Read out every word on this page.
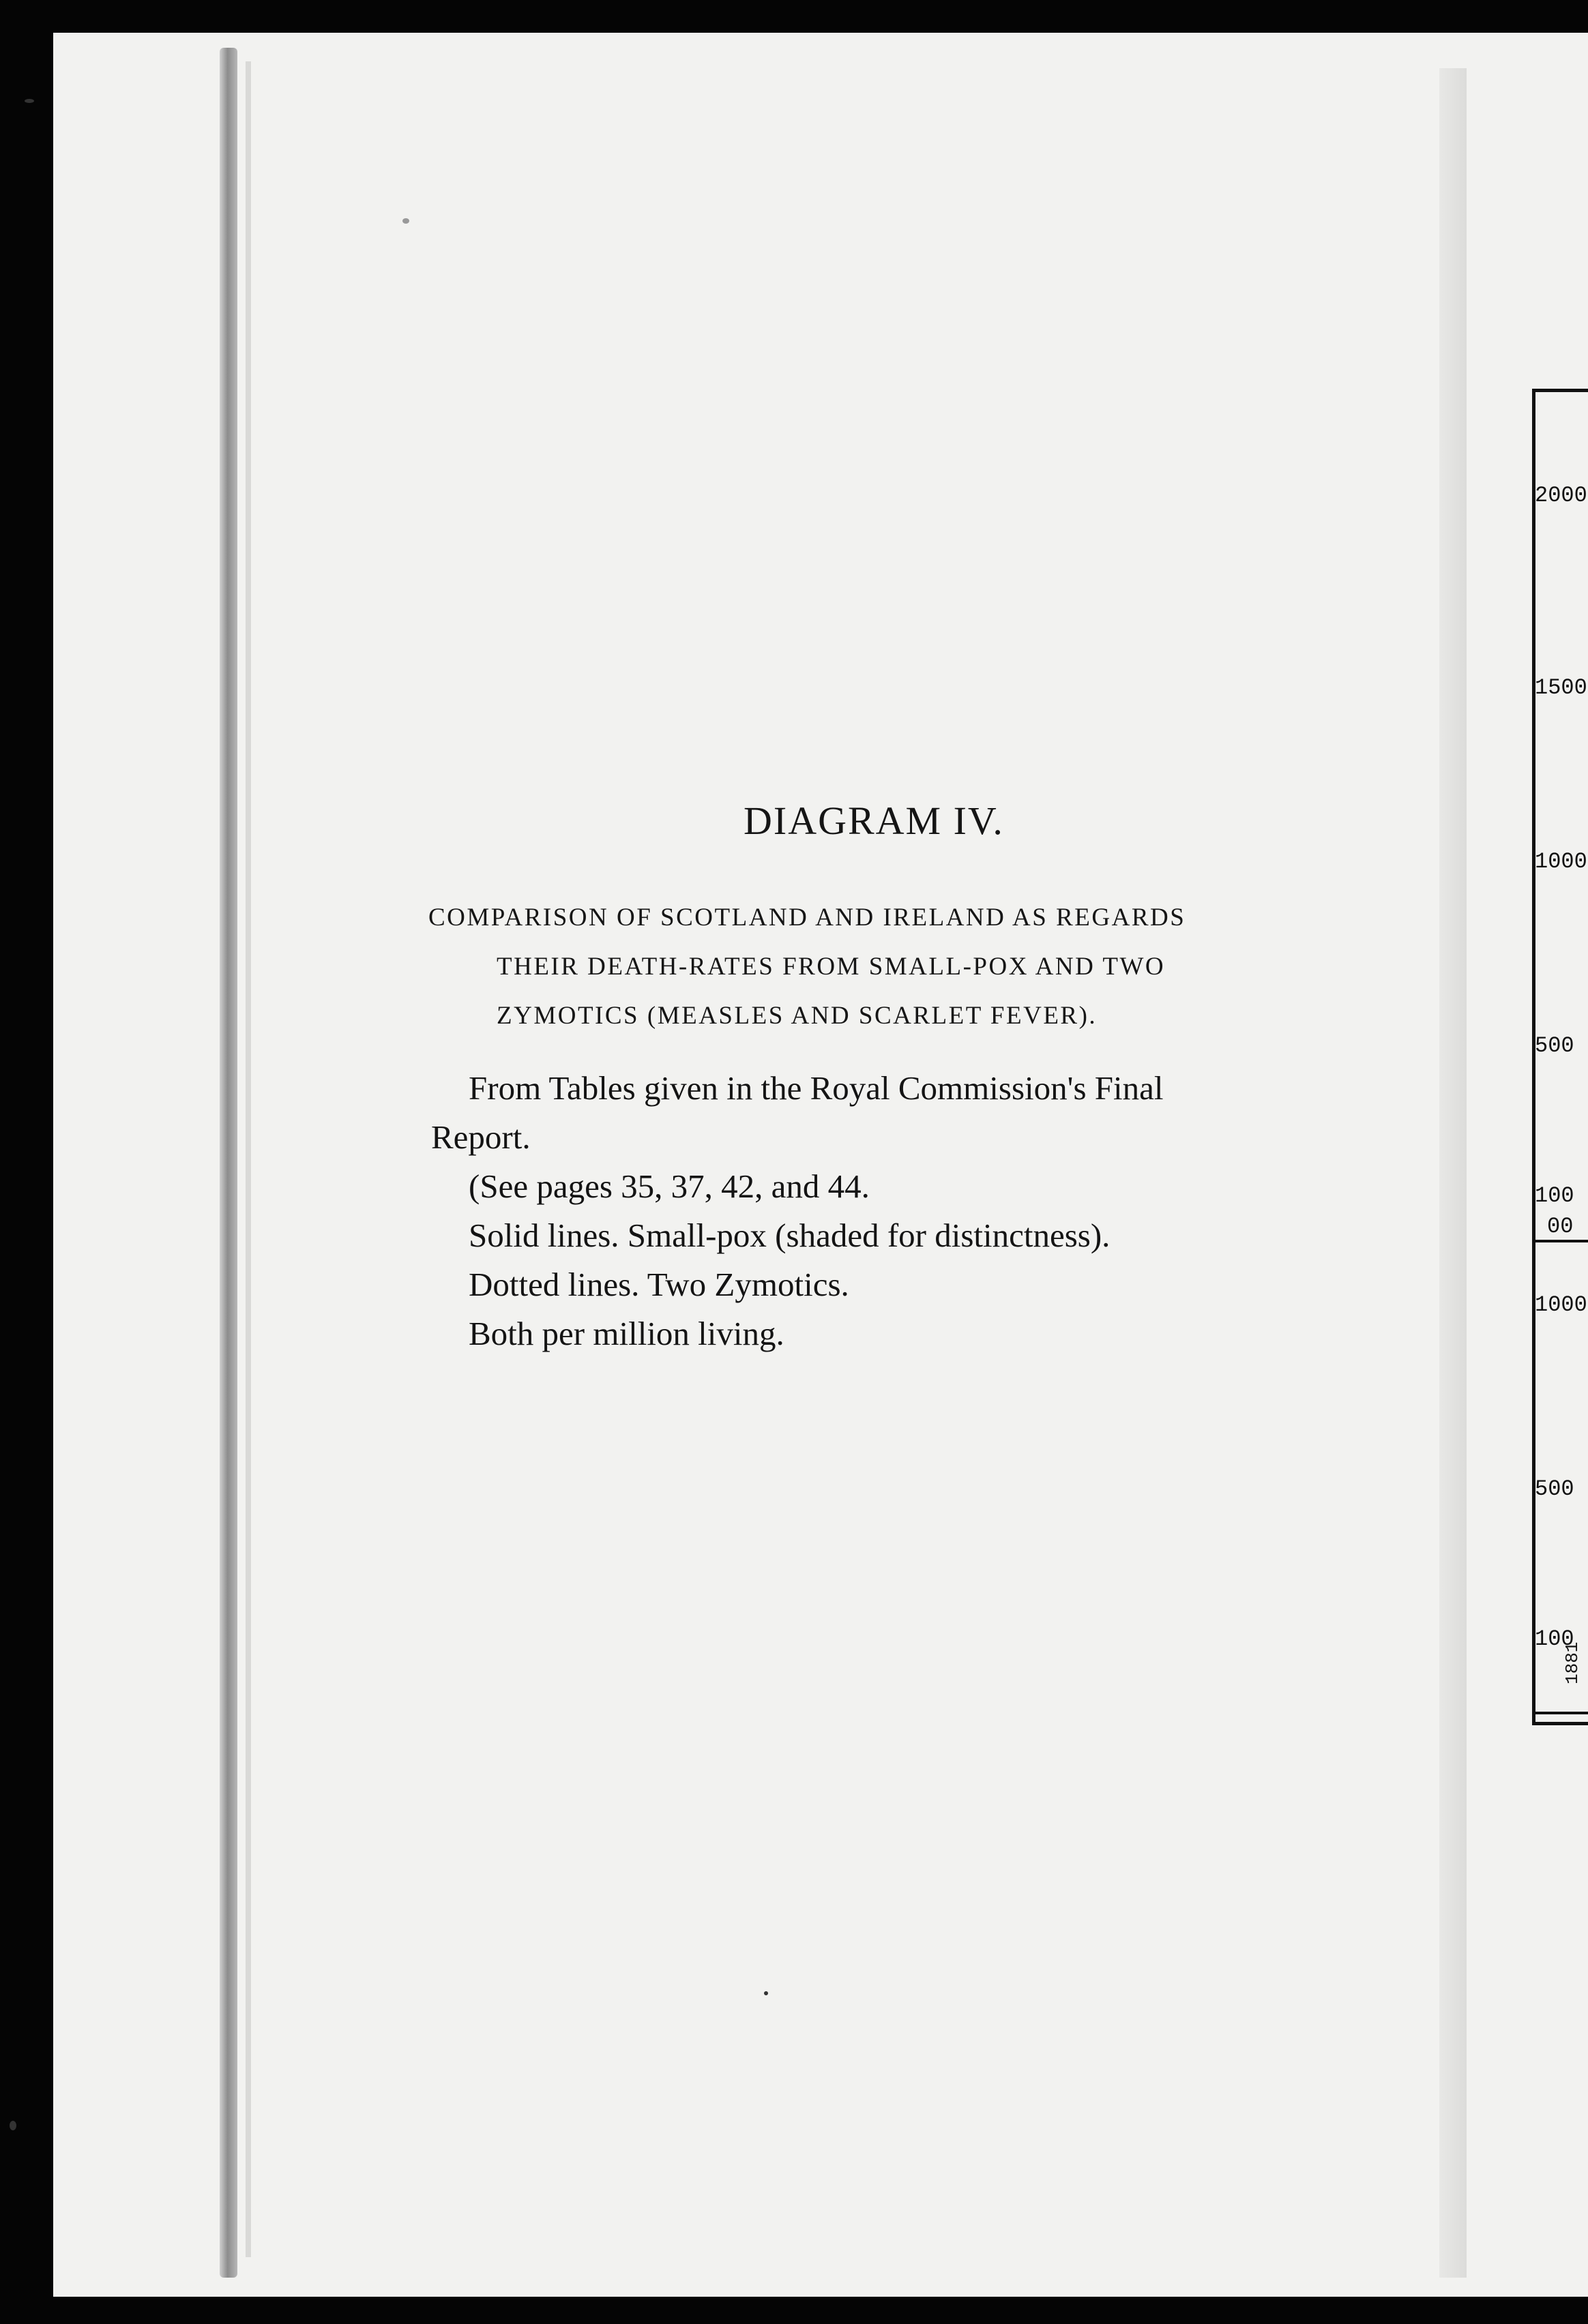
DIAGRAM IV.
COMPARISON OF SCOTLAND AND IRELAND AS REGARDS
THEIR DEATH-RATES FROM SMALL-POX AND TWO
ZYMOTICS (MEASLES AND SCARLET FEVER).
From Tables given in the Royal Commission's Final
Report.
(See pages 35, 37, 42, and 44.
Solid lines. Small-pox (shaded for distinctness).
Dotted lines. Two Zymotics.
Both per million living.
2000
1500
1000
500
100
00
1000
500
100
1881
